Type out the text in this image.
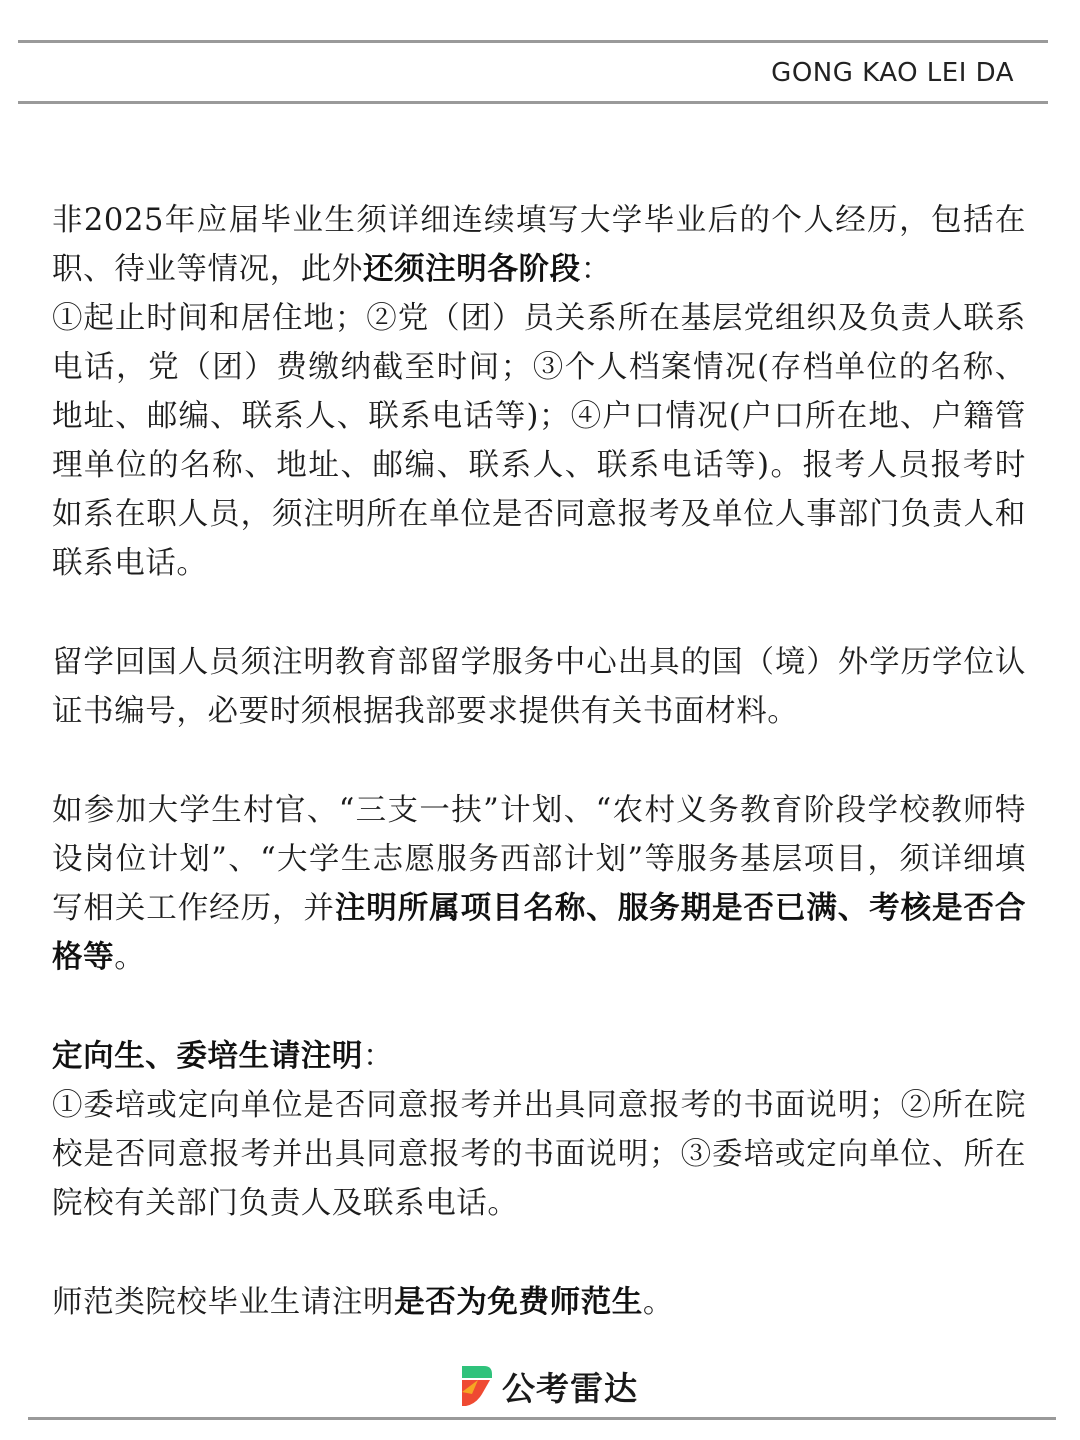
GONG KAO LEI DA

非2025年应届毕业生须详细连续填写大学毕业后的个人经历，包括在职、待业等情况，此外还须注明各阶段：
①起止时间和居住地；②党（团）员关系所在基层党组织及负责人联系电话，党（团）费缴纳截至时间；③个人档案情况(存档单位的名称、地址、邮编、联系人、联系电话等)；④户口情况(户口所在地、户籍管理单位的名称、地址、邮编、联系人、联系电话等)。报考人员报考时如系在职人员，须注明所在单位是否同意报考及单位人事部门负责人和联系电话。

留学回国人员须注明教育部留学服务中心出具的国（境）外学历学位认证书编号，必要时须根据我部要求提供有关书面材料。

如参加大学生村官、“三支一扶”计划、“农村义务教育阶段学校教师特设岗位计划”、“大学生志愿服务西部计划”等服务基层项目，须详细填写相关工作经历，并注明所属项目名称、服务期是否已满、考核是否合格等。

定向生、委培生请注明：
①委培或定向单位是否同意报考并出具同意报考的书面说明；②所在院校是否同意报考并出具同意报考的书面说明；③委培或定向单位、所在院校有关部门负责人及联系电话。

师范类院校毕业生请注明是否为免费师范生。

公考雷达
